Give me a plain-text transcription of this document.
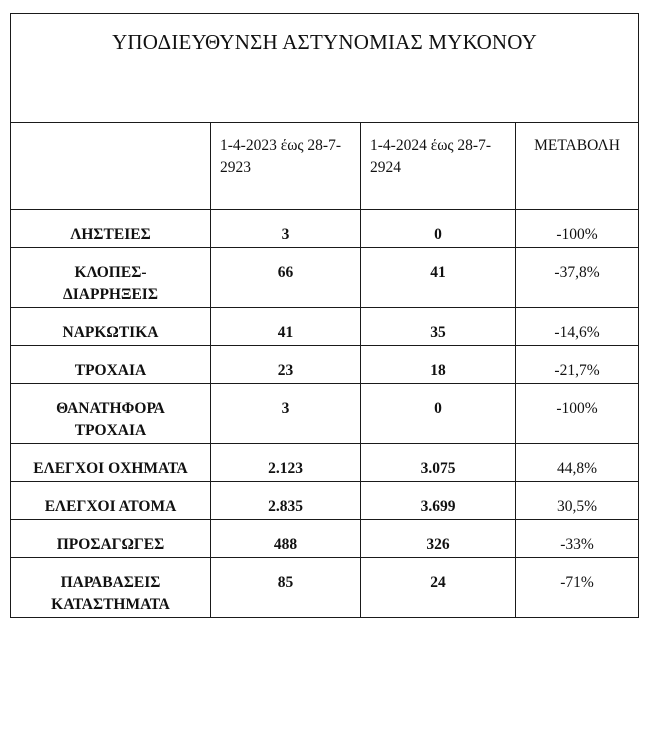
ΥΠΟΔΙΕΥΘΥΝΣΗ ΑΣΤΥΝΟΜΙΑΣ ΜΥΚΟΝΟΥ			
	1-4-2023 έως 28-7-2923	1-4-2024 έως 28-7-2924	ΜΕΤΑΒΟΛΗ
ΛΗΣΤΕΙΕΣ	3	0	-100%
ΚΛΟΠΕΣ-ΔΙΑΡΡΗΞΕΙΣ	66	41	-37,8%
ΝΑΡΚΩΤΙΚΑ	41	35	-14,6%
ΤΡΟΧΑΙΑ	23	18	-21,7%
ΘΑΝΑΤΗΦΟΡΑ ΤΡΟΧΑΙΑ	3	0	-100%
ΕΛΕΓΧΟΙ ΟΧΗΜΑΤΑ	2.123	3.075	44,8%
ΕΛΕΓΧΟΙ ΑΤΟΜΑ	2.835	3.699	30,5%
ΠΡΟΣΑΓΩΓΕΣ	488	326	-33%
ΠΑΡΑΒΑΣΕΙΣ ΚΑΤΑΣΤΗΜΑΤΑ	85	24	-71%
